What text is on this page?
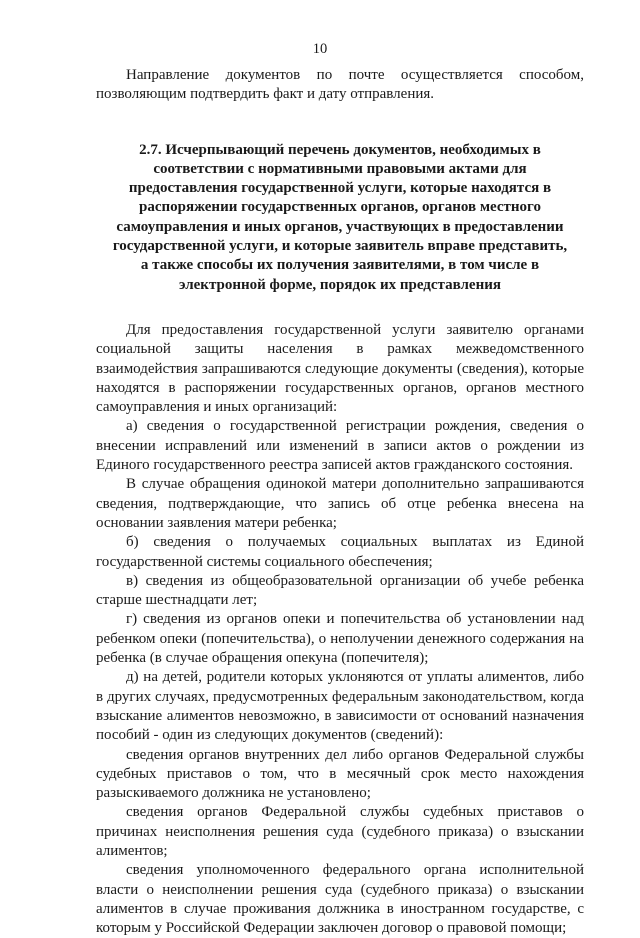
10

Направление документов по почте осуществляется способом, позволяющим подтвердить факт и дату отправления.

2.7. Исчерпывающий перечень документов, необходимых в соответствии с нормативными правовыми актами для предоставления государственной услуги, которые находятся в распоряжении государственных органов, органов местного самоуправления и иных органов, участвующих в предоставлении государственной услуги, и которые заявитель вправе представить, а также способы их получения заявителями, в том числе в электронной форме, порядок их представления

Для предоставления государственной услуги заявителю органами социальной защиты населения в рамках межведомственного взаимодействия запрашиваются следующие документы (сведения), которые находятся в распоряжении государственных органов, органов местного самоуправления и иных организаций:

а) сведения о государственной регистрации рождения, сведения о внесении исправлений или изменений в записи актов о рождении из Единого государственного реестра записей актов гражданского состояния.

В случае обращения одинокой матери дополнительно запрашиваются сведения, подтверждающие, что запись об отце ребенка внесена на основании заявления матери ребенка;

б) сведения о получаемых социальных выплатах из Единой государственной системы социального обеспечения;

в) сведения из общеобразовательной организации об учебе ребенка старше шестнадцати лет;

г) сведения из органов опеки и попечительства об установлении над ребенком опеки (попечительства), о неполучении денежного содержания на ребенка (в случае обращения опекуна (попечителя);

д) на детей, родители которых уклоняются от уплаты алиментов, либо в других случаях, предусмотренных федеральным законодательством, когда взыскание алиментов невозможно, в зависимости от оснований назначения пособий - один из следующих документов (сведений):

сведения органов внутренних дел либо органов Федеральной службы судебных приставов о том, что в месячный срок место нахождения разыскиваемого должника не установлено;

сведения органов Федеральной службы судебных приставов о причинах неисполнения решения суда (судебного приказа) о взыскании алиментов;

сведения уполномоченного федерального органа исполнительной власти о неисполнении решения суда (судебного приказа) о взыскании алиментов в случае проживания должника в иностранном государстве, с которым у Российской Федерации заключен договор о правовой помощи;
